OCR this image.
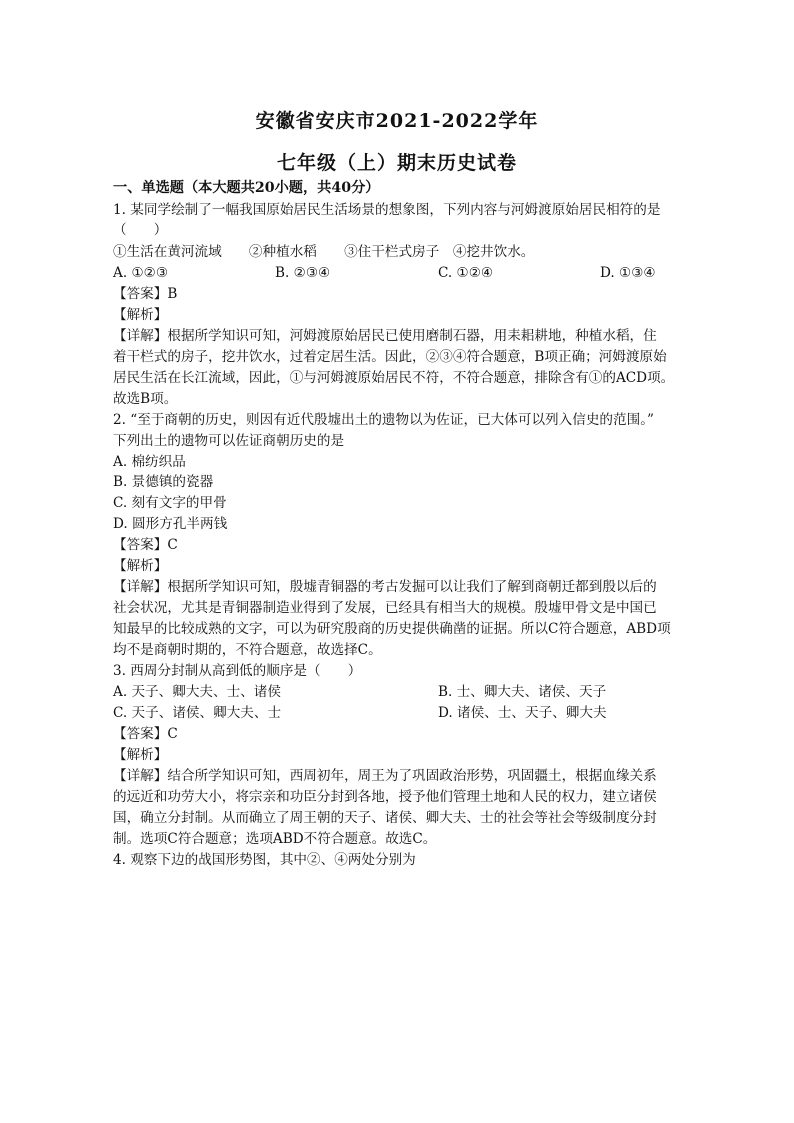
安徽省安庆市2021-2022学年
七年级（上）期末历史试卷
一、单选题（本大题共20小题，共40分）
1. 某同学绘制了一幅我国原始居民生活场景的想象图，下列内容与河姆渡原始居民相符的是
（　　）
①生活在黄河流域　　②种植水稻　　③住干栏式房子　④挖井饮水。
A. ①②③	B. ②③④	C. ①②④	D. ①③④
【答案】B
【解析】
【详解】根据所学知识可知，河姆渡原始居民已使用磨制石器，用耒耜耕地，种植水稻，住
着干栏式的房子，挖井饮水，过着定居生活。因此，②③④符合题意，B项正确；河姆渡原始
居民生活在长江流域，因此，①与河姆渡原始居民不符，不符合题意，排除含有①的ACD项。
故选B项。
2. “至于商朝的历史，则因有近代殷墟出土的遗物以为佐证，已大体可以列入信史的范围。”
下列出土的遗物可以佐证商朝历史的是
A. 棉纺织品
B. 景德镇的瓷器
C. 刻有文字的甲骨
D. 圆形方孔半两钱
【答案】C
【解析】
【详解】根据所学知识可知，殷墟青铜器的考古发掘可以让我们了解到商朝迁都到殷以后的
社会状况，尤其是青铜器制造业得到了发展，已经具有相当大的规模。殷墟甲骨文是中国已
知最早的比较成熟的文字，可以为研究殷商的历史提供确凿的证据。所以C符合题意，ABD项
均不是商朝时期的，不符合题意，故选择C。
3. 西周分封制从高到低的顺序是（　　）
A. 天子、卿大夫、士、诸侯	B. 士、卿大夫、诸侯、天子
C. 天子、诸侯、卿大夫、士	D. 诸侯、士、天子、卿大夫
【答案】C
【解析】
【详解】结合所学知识可知，西周初年，周王为了巩固政治形势，巩固疆土，根据血缘关系
的远近和功劳大小，将宗亲和功臣分封到各地，授予他们管理土地和人民的权力，建立诸侯
国，确立分封制。从而确立了周王朝的天子、诸侯、卿大夫、士的社会等社会等级制度分封
制。选项C符合题意；选项ABD不符合题意。故选C。
4. 观察下边的战国形势图，其中②、④两处分别为
